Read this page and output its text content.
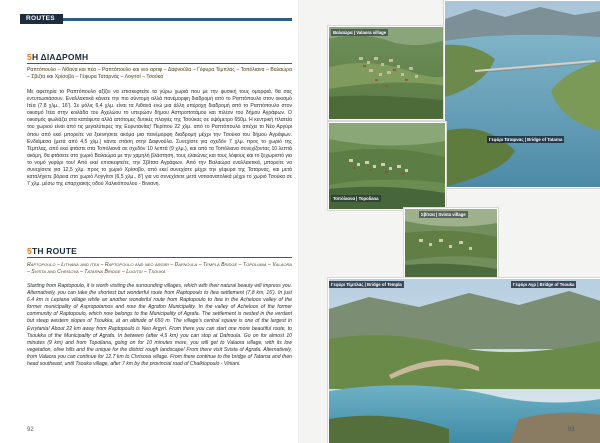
ROUTES
5Η ΔΙΑΔΡΟΜΗ
Ραπτόπουλο – Λίθανα και πέα – Ραπτόπουλο και νεο αρτιφ – Δαφνούλα – Γέφυρα Τέμπλας – Τοπόλιανα – Βαλαώρα – Σβιζτα και Χρίσοβα – Γέφυρα Ταταρνάς – Λογιτσί – Τσούκα
Με αφετηρία το Ραπτόπουλο αξίζει να επισκεφτείτε τα γύρω χωριά που με την φυσική τους ομορφιά, θα σας εντυπωσιάσουν. Εναλλακτικά κάνετε την πιο σύντομη αλλά πανέμορφη διαδρομή από το Ραπτόπουλο στον οικισμό Ιτέα (7,8 χλμ., 16'). Σε μόλις 6,4 χλμ. είναι τα Λιθανά ενώ μια άλλη υπέροχη διαδρομή από το Ραπτόπουλο στον οικισμό Ιτέα στην κοιλάδα του Αχελώου το υπερώον δήμου Ασπροποτάμου και πιλέον του δήμου Αγράφων. Ο οικισμός φωλιάζει στα κατάφυτα αλλά απότομες δυτικές πλαγιές της Τσούκας σε υψόμετρο 650μ. Η κεντρική πλατεία του χωριού είναι από τις μεγαλύτερες της Ευρυτανίας! Περίπου 22 χλμ. από το Ραπτόπουλο απέχει το Νέο Αργύρι όπου από εκεί μπορείτε να ξεκινήσετε ακόμα μια πανέμορφη διαδρομή μέχρι την Τσούκα του δήμου Αγράφων. Ενδιάμεσα (μετά από 4,5 χλμ.) κάντε στάση στην Δαφνούλα. Συνεχίστε για σχεδόν 7 χλμ. προς το χωριό της Τέμπλας, από εκεί φτάστε στα Τοπόλιανά σε σχεδόν 10 λεπτά (9 χλμ.), και από τα Τοπόλιανα συνεχίζοντας 10 λεπτά ακόμη, θα φτάσετε στο χωριό Βαλαώρα με την χαμηλή βλάστηση, τους ελαιώνες και τους λόφους και το ξεχωριστό για το νομό γεφύρι του! Από εκεί επισκεφτείτε, την Σβίτσα Αγράφων. Από την Βαλαώρα εναλλακτικά, μπορείτε να συνεχίσετε για 12,5 χλμ. προς το χωριό Χρίσοβο, από εκεί συνεχίστε μέχρι την γέφυρα της Ταταρνας, και μετά καταλήγετε βόρεια στο χωριό Λογγίτσι (6,5 χλμ., 8') για να συνεχίσετε μετά νοτιοανατολικά μέχρι το χωριό Τσούκα σε 7 χλμ. μέσω της επαρχιακής οδού Χαλκιόπουλου - Βινιανη.
5TH ROUTE
Raptopoulo – Lithana and itea – Raptopoulo and neo argiri – Dafnoula – Templa Bridge – Topoliana – Valaora – Svista and Chrisova – Tatarna Bridge – Logitsi – Tsouka
Starting from Raptopoulo, it is worth visiting the surrounding villages, which with their natural beauty will impress you. Alternatively, you can take the shortest but wonderful route from Raptopoulo to Itea settlement (7,8 km, 16'). In just 6.4 km is Lepiana village while an another wonderful route from Raptopoulo to Itea in the Acheloos valley of the former municipality of Aspropotamos and now the Agrafon Municipality. In the valley of Acheloos of the former community of Raptopoulo, which now belongs to the Municipality of Agrafa. The settlement is nested in the verdant but steep western slopes of Tsoukka, at an altitude of 650 m. The village's central square is one of the largest in Evrytania! About 22 km away from Raptopoulo is Neo Argyri. From there you can start one more beautiful route, to Tsoukka of the Municipality of Agrafa. In between (after 4.5 km) you can stop at Dafnoula. Go on for almost 10 minutes (9 km) and from Topoliana, going on for 10 minutes more, you will get to Valaora village, with its low vegetation, olive hills and the unique for the district rough landscape! From there visit Svista of Agrafa. Alternatively, from Valaora you can continue for 12.7 km to Chrisova village. From there continue to the bridge of Tatarna and then head southeast, until Tsouka village, after 7 km by the provincial road of Chalkiopoulo - Viniani.
92
Βαλαώρα | Valaora village
Γεφύρι Ταταρνας | Bridge of Tatarna
Τοπόλιανα | Topoliana
Σβίτσα | Svista village
Γεφύρι Τέμπλας | Bridge of Templa	Γεφύρι Αγρ | Bridge of Tsouka
93
